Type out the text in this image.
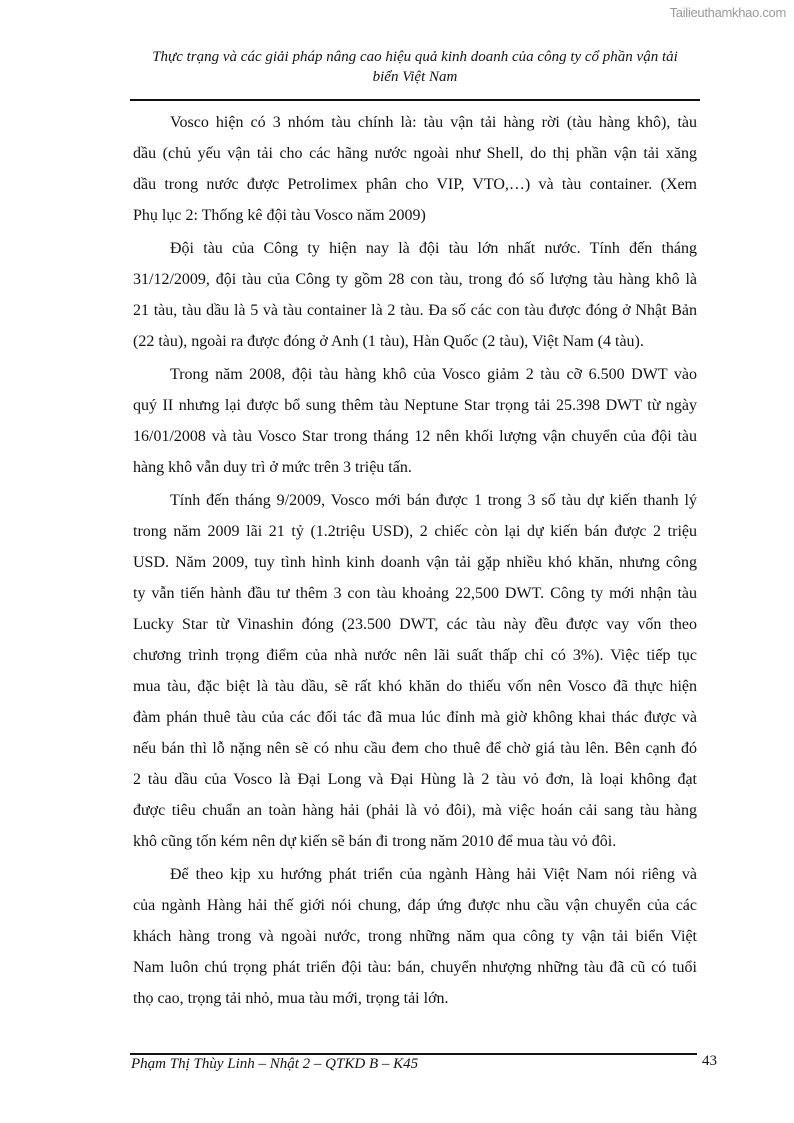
Tailieuthamkhao.com
Thực trạng và các giải pháp nâng cao hiệu quả kinh doanh của công ty cổ phần vận tải
biển Việt Nam
Vosco hiện có 3 nhóm tàu chính là: tàu vận tải hàng rời (tàu hàng khô), tàu
dầu (chủ yếu vận tải cho các hãng nước ngoài như Shell, do thị phần vận tải xăng
dầu trong nước được Petrolimex phân cho VIP, VTO,…) và tàu container. (Xem
Phụ lục 2: Thống kê đội tàu Vosco năm 2009)
Đội tàu của Công ty hiện nay là đội tàu lớn nhất nước. Tính đến tháng
31/12/2009, đội tàu của Công ty gồm 28 con tàu, trong đó số lượng tàu hàng khô là
21 tàu, tàu dầu là 5 và tàu container là 2 tàu. Đa số các con tàu được đóng ở Nhật Bản
(22 tàu), ngoài ra được đóng ở Anh (1 tàu), Hàn Quốc (2 tàu), Việt Nam (4 tàu).
Trong năm 2008, đội tàu hàng khô của Vosco giảm 2 tàu cỡ 6.500 DWT vào
quý II nhưng lại được bổ sung thêm tàu Neptune Star trọng tải 25.398 DWT từ ngày
16/01/2008 và tàu Vosco Star trong tháng 12 nên khối lượng vận chuyển của đội tàu
hàng khô vẫn duy trì ở mức trên 3 triệu tấn.
Tính đến tháng 9/2009, Vosco mới bán được 1 trong 3 số tàu dự kiến thanh lý
trong năm 2009 lãi 21 tỷ (1.2triệu USD), 2 chiếc còn lại dự kiến bán được 2 triệu
USD. Năm 2009, tuy tình hình kinh doanh vận tải gặp nhiều khó khăn, nhưng công
ty vẫn tiến hành đầu tư thêm 3 con tàu khoảng 22,500 DWT. Công ty mới nhận tàu
Lucky Star từ Vinashin đóng (23.500 DWT, các tàu này đều được vay vốn theo
chương trình trọng điểm của nhà nước nên lãi suất thấp chỉ có 3%). Việc tiếp tục
mua tàu, đặc biệt là tàu dầu, sẽ rất khó khăn do thiếu vốn nên Vosco đã thực hiện
đàm phán thuê tàu của các đối tác đã mua lúc đỉnh mà giờ không khai thác được và
nếu bán thì lỗ nặng nên sẽ có nhu cầu đem cho thuê để chờ giá tàu lên. Bên cạnh đó
2 tàu dầu của Vosco là Đại Long và Đại Hùng là 2 tàu vỏ đơn, là loại không đạt
được tiêu chuẩn an toàn hàng hải (phải là vỏ đôi), mà việc hoán cải sang tàu hàng
khô cũng tốn kém nên dự kiến sẽ bán đi trong năm 2010 để mua tàu vỏ đôi.
Để theo kịp xu hướng phát triển của ngành Hàng hải Việt Nam nói riêng và
của ngành Hàng hải thế giới nói chung, đáp ứng được nhu cầu vận chuyển của các
khách hàng trong và ngoài nước, trong những năm qua công ty vận tải biển Việt
Nam luôn chú trọng phát triển đội tàu: bán, chuyển nhượng những tàu đã cũ có tuổi
thọ cao, trọng tải nhỏ, mua tàu mới, trọng tải lớn.
Phạm Thị Thùy Linh – Nhật 2 – QTKD B – K45	43
